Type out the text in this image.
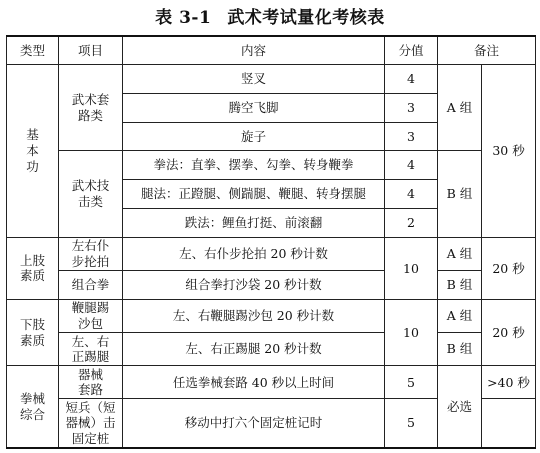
表 3-1 武术考试量化考核表
类型	项目	内容	分值	备注	
基本功	武术套路类	竖叉	4	A 组	30 秒
		腾空飞脚	3		
		旋子	3		
	武术技击类	拳法：直拳、摆拳、勾拳、转身鞭拳	4	B 组	
		腿法：正蹬腿、侧踹腿、鞭腿、转身摆腿	4		
		跌法：鲤鱼打挺、前滚翻	2		
上肢素质	左右仆步抡拍	左、右仆步抡拍 20 秒计数	10	A 组	20 秒
	组合拳	组合拳打沙袋 20 秒计数		B 组	
下肢素质	鞭腿踢沙包	左、右鞭腿踢沙包 20 秒计数	10	A 组	20 秒
	左、右正踢腿	左、右正踢腿 20 秒计数		B 组	
拳械综合	器械套路	任选拳械套路 40 秒以上时间	5	必选	>40 秒
	短兵（短器械）击固定桩	移动中打六个固定桩记时	5		
